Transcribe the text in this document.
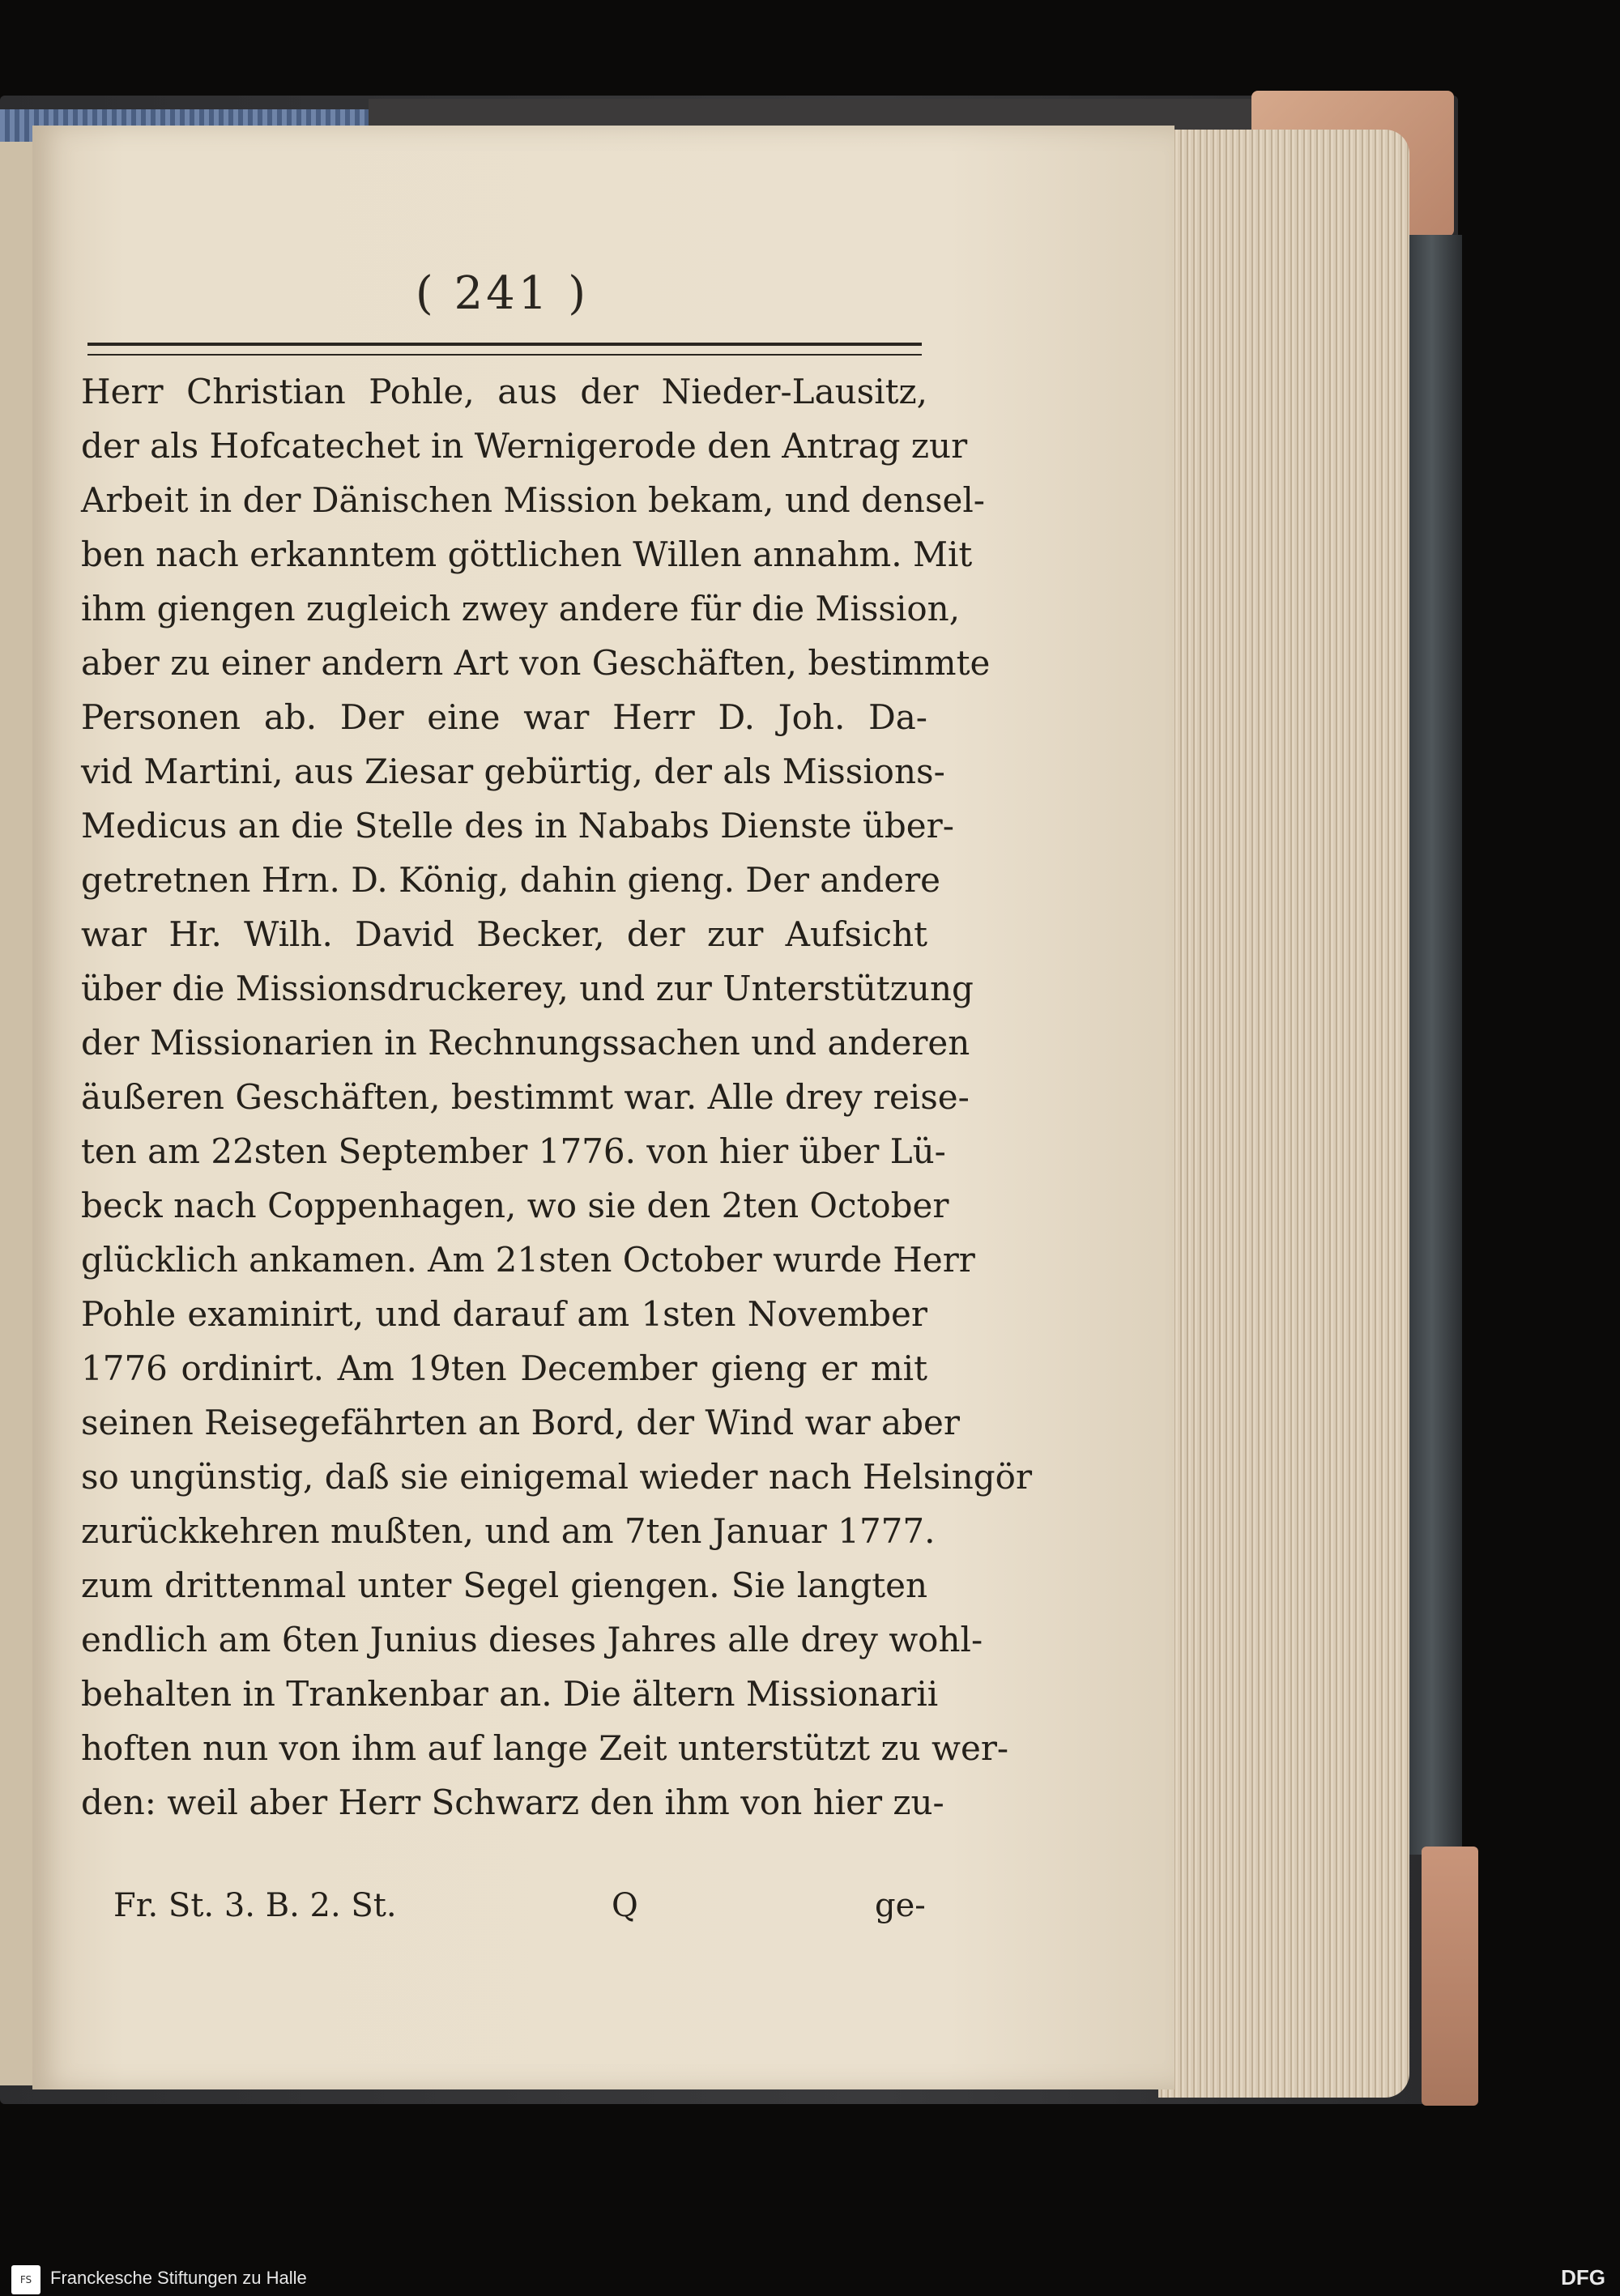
( 241 )
Herr Christian Pohle, aus der Nieder-Lausitz,
der als Hofcatechet in Wernigerode den Antrag zur
Arbeit in der Dänischen Mission bekam, und densel-
ben nach erkanntem göttlichen Willen annahm. Mit
ihm giengen zugleich zwey andere für die Mission,
aber zu einer andern Art von Geschäften, bestimmte
Personen ab. Der eine war Herr D. Joh. Da-
vid Martini, aus Ziesar gebürtig, der als Missions-
Medicus an die Stelle des in Nababs Dienste über-
getretnen Hrn. D. König, dahin gieng. Der andere
war Hr. Wilh. David Becker, der zur Aufsicht
über die Missionsdruckerey, und zur Unterstützung
der Missionarien in Rechnungssachen und anderen
äußeren Geschäften, bestimmt war. Alle drey reise-
ten am 22sten September 1776. von hier über Lü-
beck nach Coppenhagen, wo sie den 2ten October
glücklich ankamen. Am 21sten October wurde Herr
Pohle examinirt, und darauf am 1sten November
1776 ordinirt. Am 19ten December gieng er mit
seinen Reisegefährten an Bord, der Wind war aber
so ungünstig, daß sie einigemal wieder nach Helsingör
zurückkehren mußten, und am 7ten Januar 1777.
zum drittenmal unter Segel giengen. Sie langten
endlich am 6ten Junius dieses Jahres alle drey wohl-
behalten in Trankenbar an. Die ältern Missionarii
hoften nun von ihm auf lange Zeit unterstützt zu wer-
den: weil aber Herr Schwarz den ihm von hier zu-
Fr. St. 3. B. 2. St.	Q	ge-
FS	Franckesche Stiftungen zu Halle	DFG
